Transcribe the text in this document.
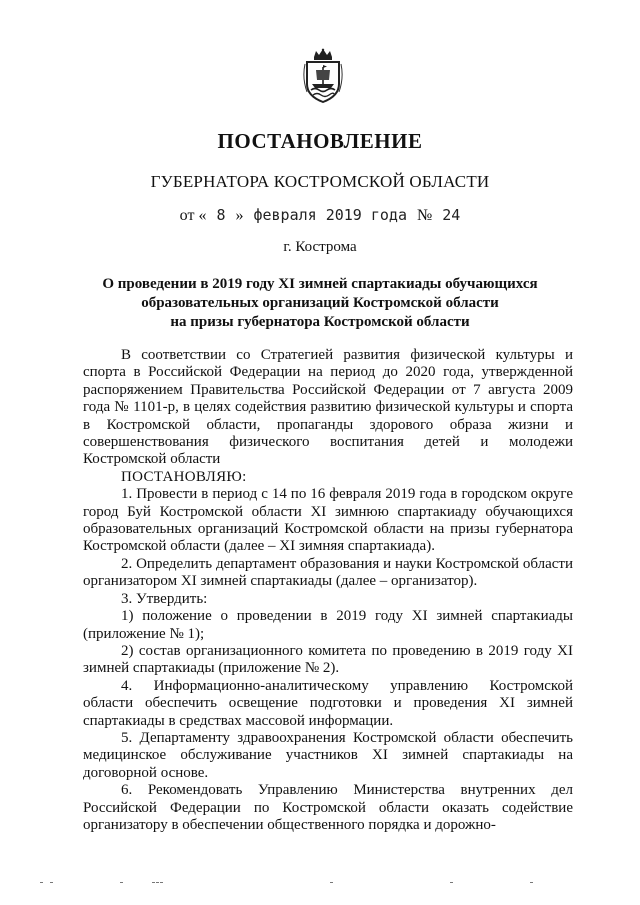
ПОСТАНОВЛЕНИЕ
ГУБЕРНАТОРА КОСТРОМСКОЙ ОБЛАСТИ
от « 8 » февраля 2019 года № 24
г. Кострома
О проведении в 2019 году XI зимней спартакиады обучающихся
образовательных организаций Костромской области
на призы губернатора Костромской области

В соответствии со Стратегией развития физической культуры и спорта в Российской Федерации на период до 2020 года, утвержденной распоряжением Правительства Российской Федерации от 7 августа 2009 года № 1101-р, в целях содействия развитию физической культуры и спорта в Костромской области, пропаганды здорового образа жизни и совершенствования физического воспитания детей и молодежи Костромской области

ПОСТАНОВЛЯЮ:

1. Провести в период с 14 по 16 февраля 2019 года в городском округе город Буй Костромской области XI зимнюю спартакиаду обучающихся образовательных организаций Костромской области на призы губернатора Костромской области (далее – XI зимняя спартакиада).

2. Определить департамент образования и науки Костромской области организатором XI зимней спартакиады (далее – организатор).

3. Утвердить:

1) положение о проведении в 2019 году XI зимней спартакиады (приложение № 1);

2) состав организационного комитета по проведению в 2019 году XI зимней спартакиады (приложение № 2).

4. Информационно-аналитическому управлению Костромской области обеспечить освещение подготовки и проведения XI зимней спартакиады в средствах массовой информации.

5. Департаменту здравоохранения Костромской области обеспечить медицинское обслуживание участников XI зимней спартакиады на договорной основе.

6. Рекомендовать Управлению Министерства внутренних дел Российской Федерации по Костромской области оказать содействие организатору в обеспечении общественного порядка и дорожно-
